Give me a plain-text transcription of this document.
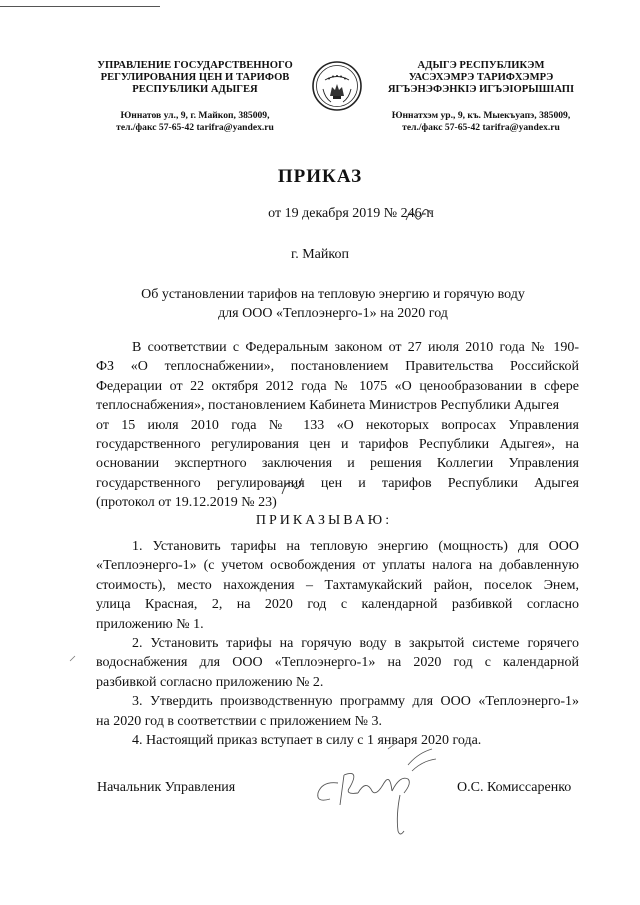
УПРАВЛЕНИЕ ГОСУДАРСТВЕННОГО
РЕГУЛИРОВАНИЯ ЦЕН И ТАРИФОВ
РЕСПУБЛИКИ АДЫГЕЯ
Юннатов ул., 9, г. Майкоп, 385009,
тел./факс 57-65-42 tarifra@yandex.ru
АДЫГЭ РЕСПУБЛИКЭМ
УАСЭХЭМРЭ ТАРИФХЭМРЭ
ЯГЪЭНЭФЭНКIЭ ИГЪЭIОРЫШIАПI
Юннатхэм ур., 9, къ. Мыекъуапэ, 385009,
тел./факс 57-65-42 tarifra@yandex.ru
ПРИКАЗ
от 19 декабря 2019 № 246-п
г. Майкоп
Об установлении тарифов на тепловую энергию и горячую воду
для ООО «Теплоэнерго-1» на 2020 год
В соответствии с Федеральным законом от 27 июля 2010 года № 190-
ФЗ «О теплоснабжении», постановлением Правительства Российской
Федерации от 22 октября 2012 года № 1075 «О ценообразовании в сфере
теплоснабжения», постановлением Кабинета Министров Республики Адыгея
от 15 июля 2010 года № 133 «О некоторых вопросах Управления
государственного регулирования цен и тарифов Республики Адыгея», на
основании экспертного заключения и решения Коллегии Управления
государственного регулирования цен и тарифов Республики Адыгея
(протокол от 19.12.2019 № 23)
ПРИКАЗЫВАЮ:
1. Установить тарифы на тепловую энергию (мощность) для ООО
«Теплоэнерго-1» (с учетом освобождения от уплаты налога на добавленную
стоимость), место нахождения – Тахтамукайский район, поселок Энем,
улица Красная, 2, на 2020 год с календарной разбивкой согласно
приложению № 1.
2. Установить тарифы на горячую воду в закрытой системе горячего
водоснабжения для ООО «Теплоэнерго-1» на 2020 год с календарной
разбивкой согласно приложению № 2.
3. Утвердить производственную программу для ООО «Теплоэнерго-1»
на 2020 год в соответствии с приложением № 3.
4. Настоящий приказ вступает в силу с 1 января 2020 года.
Начальник Управления	О.С. Комиссаренко
